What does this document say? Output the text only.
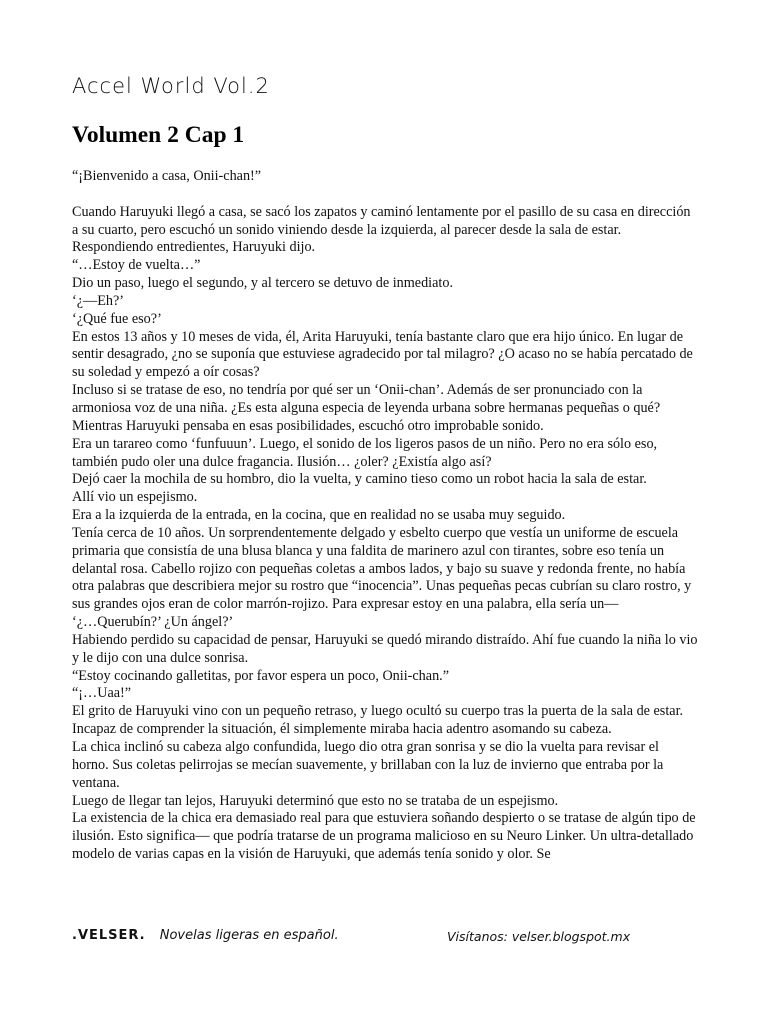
Accel World Vol.2
Volumen 2 Cap 1

“¡Bienvenido a casa, Onii-chan!”

Cuando Haruyuki llegó a casa, se sacó los zapatos y caminó lentamente por el pasillo de su casa en dirección a su cuarto, pero escuchó un sonido viniendo desde la izquierda, al parecer desde la sala de estar.

Respondiendo entredientes, Haruyuki dijo.

“…Estoy de vuelta…”

Dio un paso, luego el segundo, y al tercero se detuvo de inmediato.

‘¿—Eh?’

‘¿Qué fue eso?’

En estos 13 años y 10 meses de vida, él, Arita Haruyuki, tenía bastante claro que era hijo único. En lugar de sentir desagrado, ¿no se suponía que estuviese agradecido por tal milagro? ¿O acaso no se había percatado de su soledad y empezó a oír cosas?

Incluso si se tratase de eso, no tendría por qué ser un ‘Onii-chan’. Además de ser pronunciado con la armoniosa voz de una niña. ¿Es esta alguna especia de leyenda urbana sobre hermanas pequeñas o qué?

Mientras Haruyuki pensaba en esas posibilidades, escuchó otro improbable sonido.

Era un tarareo como ‘funfuuun’. Luego, el sonido de los ligeros pasos de un niño. Pero no era sólo eso, también pudo oler una dulce fragancia. Ilusión… ¿oler? ¿Existía algo así?

Dejó caer la mochila de su hombro, dio la vuelta, y camino tieso como un robot hacia la sala de estar.

Allí vio un espejismo.

Era a la izquierda de la entrada, en la cocina, que en realidad no se usaba muy seguido.

Tenía cerca de 10 años. Un sorprendentemente delgado y esbelto cuerpo que vestía un uniforme de escuela primaria que consistía de una blusa blanca y una faldita de marinero azul con tirantes, sobre eso tenía un delantal rosa. Cabello rojizo con pequeñas coletas a ambos lados, y bajo su suave y redonda frente, no había otra palabras que describiera mejor su rostro que “inocencia”. Unas pequeñas pecas cubrían su claro rostro, y sus grandes ojos eran de color marrón-rojizo. Para expresar estoy en una palabra, ella sería un—

‘¿…Querubín?’ ¿Un ángel?’

Habiendo perdido su capacidad de pensar, Haruyuki se quedó mirando distraído. Ahí fue cuando la niña lo vio y le dijo con una dulce sonrisa.

“Estoy cocinando galletitas, por favor espera un poco, Onii-chan.”

“¡…Uaa!”

El grito de Haruyuki vino con un pequeño retraso, y luego ocultó su cuerpo tras la puerta de la sala de estar. Incapaz de comprender la situación, él simplemente miraba hacia adentro asomando su cabeza.

La chica inclinó su cabeza algo confundida, luego dio otra gran sonrisa y se dio la vuelta para revisar el horno. Sus coletas pelirrojas se mecían suavemente, y brillaban con la luz de invierno que entraba por la ventana.

Luego de llegar tan lejos, Haruyuki determinó que esto no se trataba de un espejismo.

La existencia de la chica era demasiado real para que estuviera soñando despierto o se tratase de algún tipo de ilusión. Esto significa— que podría tratarse de un programa malicioso en su Neuro Linker. Un ultra-detallado modelo de varias capas en la visión de Haruyuki, que además tenía sonido y olor. Se

.VELSER. Novelas ligeras en español.	Visítanos: velser.blogspot.mx
